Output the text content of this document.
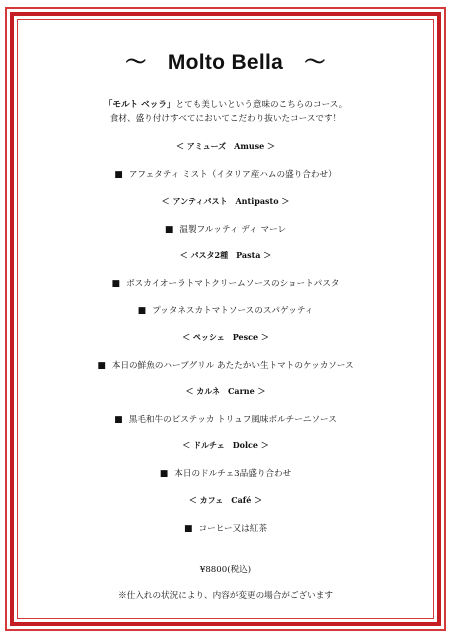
～　Molto Bella　～
「モルト ベッラ」とても美しいという意味のこちらのコース。
食材、盛り付けすべてにおいてこだわり抜いたコースです！
＜ アミューズ　Amuse ＞
■ アフェタティ ミスト（イタリア産ハムの盛り合わせ）
＜ アンティパスト　Antipasto ＞
■ 温製フルッティ ディ マーレ
＜ パスタ2種　Pasta ＞
■ ボスカイオーラトマトクリームソースのショートパスタ
■ プッタネスカトマトソースのスパゲッティ
＜ ペッシェ　Pesce ＞
■ 本日の鮮魚のハーブグリル あたたかい生トマトのケッカソース
＜ カルネ　Carne ＞
■ 黒毛和牛のビステッカ トリュフ風味ボルチーニソース
＜ ドルチェ　Dolce ＞
■ 本日のドルチェ3品盛り合わせ
＜ カフェ　Café ＞
■ コーヒー又は紅茶
¥8800(税込)
※仕入れの状況により、内容が変更の場合がございます
